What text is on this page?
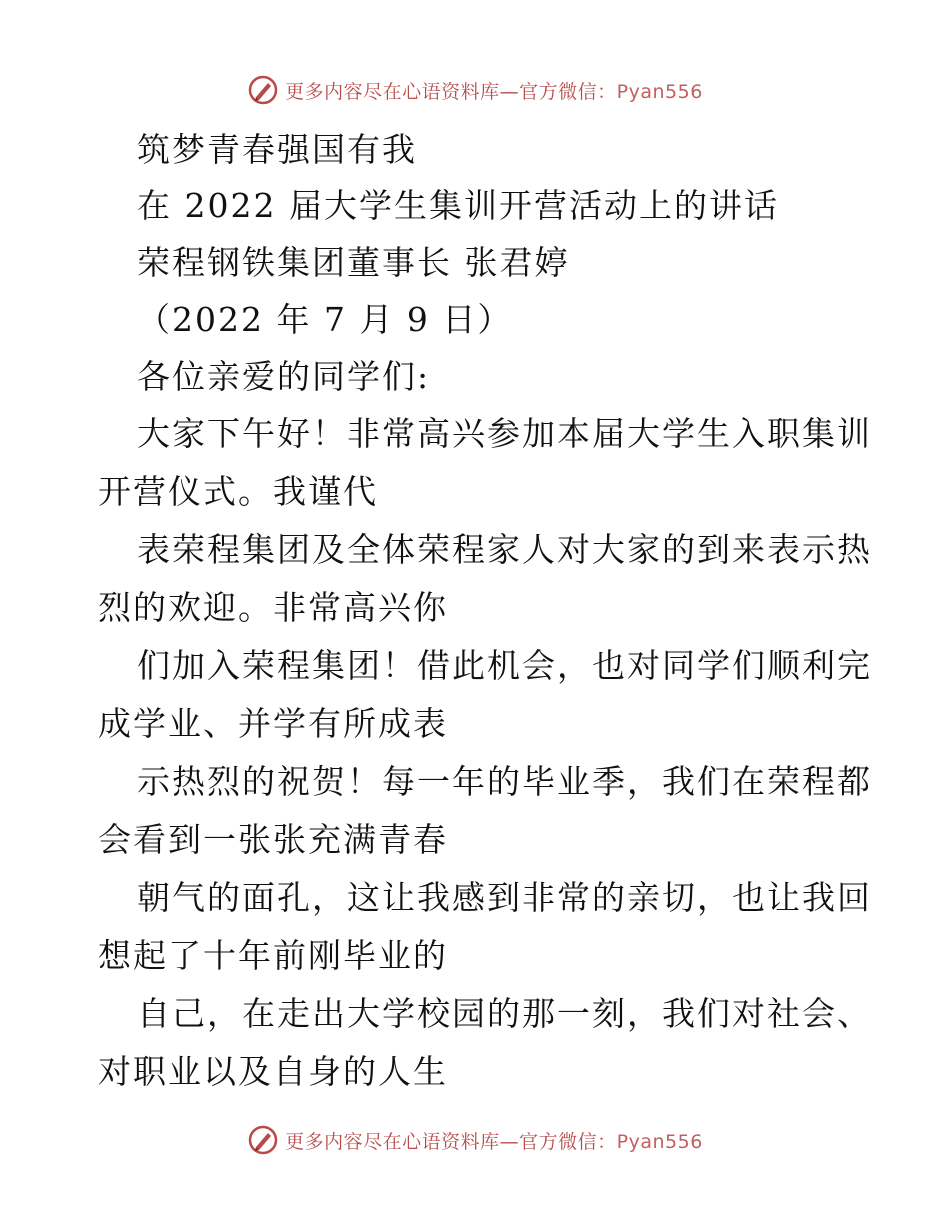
更多内容尽在心语资料库—官方微信：Pyan556
筑梦青春强国有我
在 2022 届大学生集训开营活动上的讲话
荣程钢铁集团董事长 张君婷
（2022 年 7 月 9 日）
各位亲爱的同学们:
大家下午好！非常高兴参加本届大学生入职集训
开营仪式。我谨代
表荣程集团及全体荣程家人对大家的到来表示热
烈的欢迎。非常高兴你
们加入荣程集团！借此机会，也对同学们顺利完
成学业、并学有所成表
示热烈的祝贺！每一年的毕业季，我们在荣程都
会看到一张张充满青春
朝气的面孔，这让我感到非常的亲切，也让我回
想起了十年前刚毕业的
自己，在走出大学校园的那一刻，我们对社会、
对职业以及自身的人生
更多内容尽在心语资料库—官方微信：Pyan556
